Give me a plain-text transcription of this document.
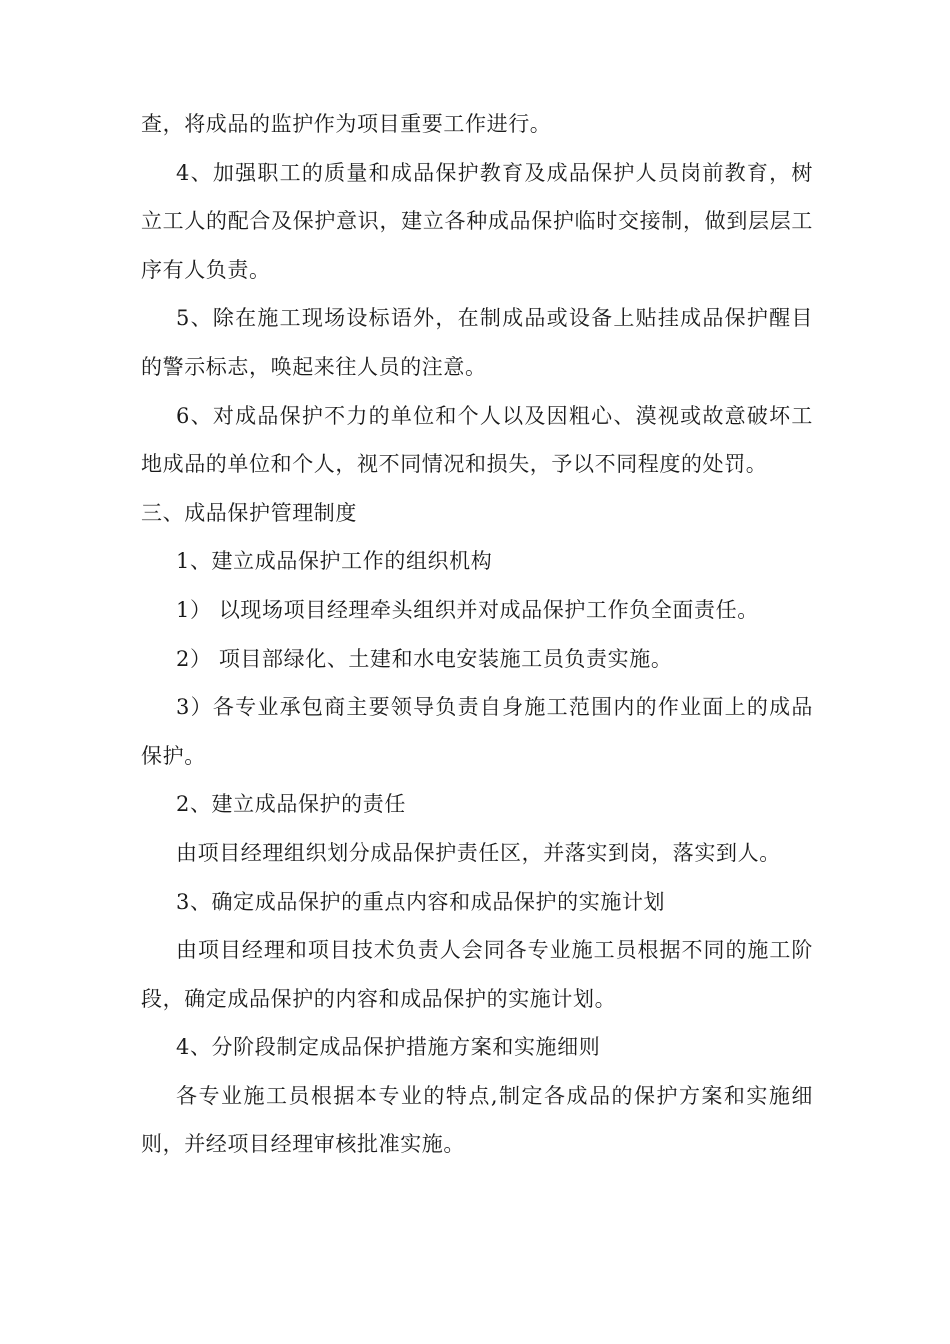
查，将成品的监护作为项目重要工作进行。

4、加强职工的质量和成品保护教育及成品保护人员岗前教育，树立工人的配合及保护意识，建立各种成品保护临时交接制，做到层层工序有人负责。

5、除在施工现场设标语外，在制成品或设备上贴挂成品保护醒目的警示标志，唤起来往人员的注意。

6、对成品保护不力的单位和个人以及因粗心、漠视或故意破坏工地成品的单位和个人，视不同情况和损失，予以不同程度的处罚。

三、成品保护管理制度

1、建立成品保护工作的组织机构

1） 以现场项目经理牵头组织并对成品保护工作负全面责任。

2） 项目部绿化、土建和水电安装施工员负责实施。

3）各专业承包商主要领导负责自身施工范围内的作业面上的成品保护。

2、建立成品保护的责任

由项目经理组织划分成品保护责任区，并落实到岗，落实到人。

3、确定成品保护的重点内容和成品保护的实施计划

由项目经理和项目技术负责人会同各专业施工员根据不同的施工阶段，确定成品保护的内容和成品保护的实施计划。

4、分阶段制定成品保护措施方案和实施细则

各专业施工员根据本专业的特点,制定各成品的保护方案和实施细则，并经项目经理审核批准实施。
